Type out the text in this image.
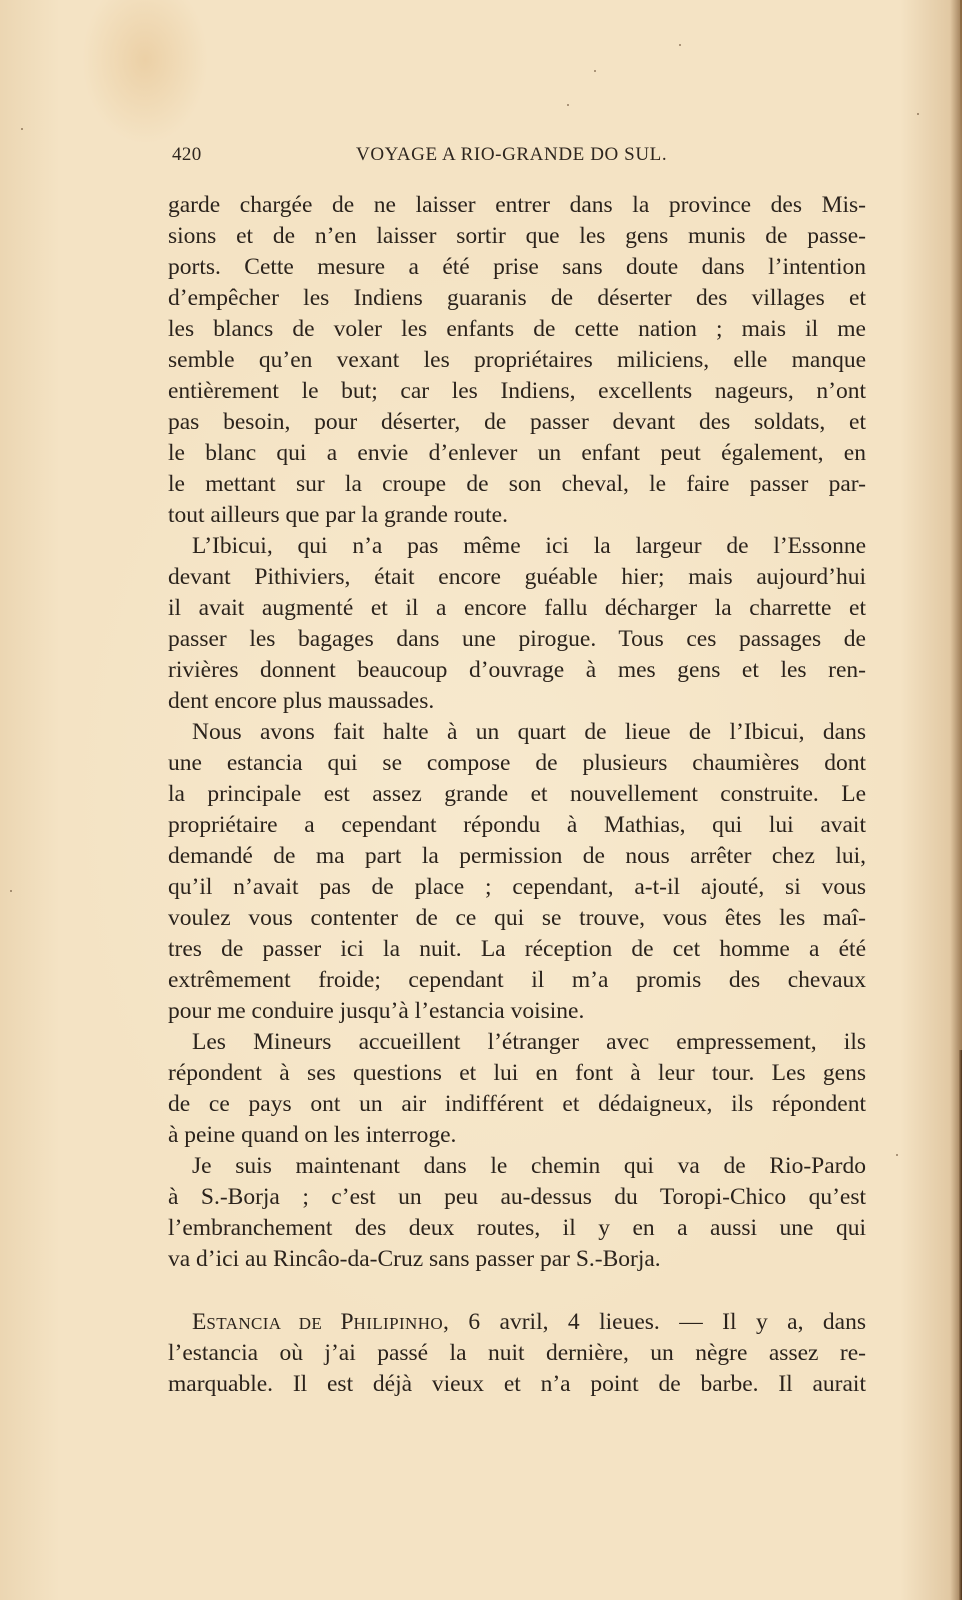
420	VOYAGE A RIO-GRANDE DO SUL.
garde chargée de ne laisser entrer dans la province des Mis-
sions et de n’en laisser sortir que les gens munis de passe-
ports. Cette mesure a été prise sans doute dans l’intention
d’empêcher les Indiens guaranis de déserter des villages et
les blancs de voler les enfants de cette nation ; mais il me
semble qu’en vexant les propriétaires miliciens, elle manque
entièrement le but; car les Indiens, excellents nageurs, n’ont
pas besoin, pour déserter, de passer devant des soldats, et
le blanc qui a envie d’enlever un enfant peut également, en
le mettant sur la croupe de son cheval, le faire passer par-
tout ailleurs que par la grande route.
L’Ibicui, qui n’a pas même ici la largeur de l’Essonne
devant Pithiviers, était encore guéable hier; mais aujourd’hui
il avait augmenté et il a encore fallu décharger la charrette et
passer les bagages dans une pirogue. Tous ces passages de
rivières donnent beaucoup d’ouvrage à mes gens et les ren-
dent encore plus maussades.
Nous avons fait halte à un quart de lieue de l’Ibicui, dans
une estancia qui se compose de plusieurs chaumières dont
la principale est assez grande et nouvellement construite. Le
propriétaire a cependant répondu à Mathias, qui lui avait
demandé de ma part la permission de nous arrêter chez lui,
qu’il n’avait pas de place ; cependant, a-t-il ajouté, si vous
voulez vous contenter de ce qui se trouve, vous êtes les maî-
tres de passer ici la nuit. La réception de cet homme a été
extrêmement froide; cependant il m’a promis des chevaux
pour me conduire jusqu’à l’estancia voisine.
Les Mineurs accueillent l’étranger avec empressement, ils
répondent à ses questions et lui en font à leur tour. Les gens
de ce pays ont un air indifférent et dédaigneux, ils répondent
à peine quand on les interroge.
Je suis maintenant dans le chemin qui va de Rio-Pardo
à S.-Borja ; c’est un peu au-dessus du Toropi-Chico qu’est
l’embranchement des deux routes, il y en a aussi une qui
va d’ici au Rincâo-da-Cruz sans passer par S.-Borja.
ESTANCIA DE PHILIPINHO, 6 avril, 4 lieues. — Il y a, dans
l’estancia où j’ai passé la nuit dernière, un nègre assez re-
marquable. Il est déjà vieux et n’a point de barbe. Il aurait
